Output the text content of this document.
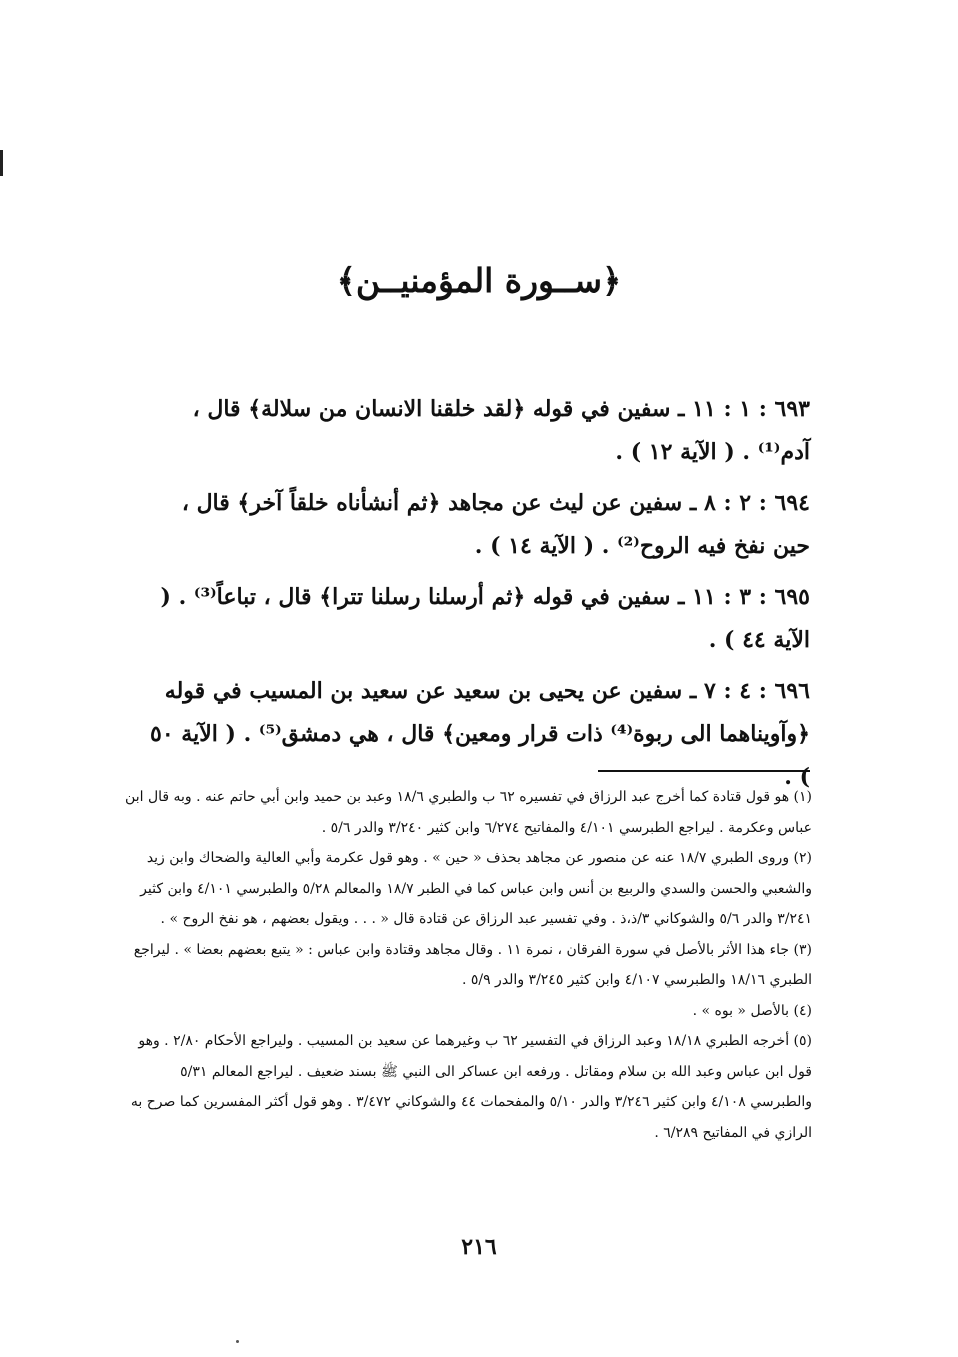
﴿ســورة المؤمنيــن﴾

٦٩٣ : ١ : ١١ ـ سفين في قوله ﴿لقد خلقنا الانسان من سلالة﴾ قال ، آدم⁽¹⁾ . ( الآية ١٢ ) .

٦٩٤ : ٢ : ٨ ـ سفين عن ليث عن مجاهد ﴿ثم أنشأناه خلقاً آخر﴾ قال ، حين نفخ فيه الروح⁽²⁾ . ( الآية ١٤ ) .

٦٩٥ : ٣ : ١١ ـ سفين في قوله ﴿ثم أرسلنا رسلنا تترا﴾ قال ، تباعاً⁽³⁾ . ( الآية ٤٤ ) .

٦٩٦ : ٤ : ٧ ـ سفين عن يحيى بن سعيد عن سعيد بن المسيب في قوله ﴿وآويناهما الى ربوة⁽⁴⁾ ذات قرار ومعين﴾ قال ، هي دمشق⁽⁵⁾ . ( الآية ٥٠ ) .

(١) هو قول قتادة كما أخرج عبد الرزاق في تفسيره ٦٢ ب والطبري ١٨/٦ وعبد بن حميد وابن أبي حاتم عنه . وبه قال ابن عباس وعكرمة . ليراجع الطبرسي ٤/١٠١ والمفاتيح ٦/٢٧٤ وابن كثير ٣/٢٤٠ والدر ٥/٦ .

(٢) وروى الطبري ١٨/٧ عنه عن منصور عن مجاهد بحذف « حين » . وهو قول عكرمة وأبي العالية والضحاك وابن زيد والشعبي والحسن والسدي والربيع بن أنس وابن عباس كما في الطبر ١٨/٧ والمعالم ٥/٢٨ والطبرسي ٤/١٠١ وابن كثير ٣/٢٤١ والدر ٥/٦ والشوكاني ٣/ذ،ذ . وفي تفسير عبد الرزاق عن قتادة قال « . . . ويقول بعضهم ، هو نفخ الروح » .

(٣) جاء هذا الأثر بالأصل في سورة الفرقان ، نمرة ١١ . وقال مجاهد وقتادة وابن عباس : « يتبع بعضهم بعضا » . ليراجع الطبري ١٨/١٦ والطبرسي ٤/١٠٧ وابن كثير ٣/٢٤٥ والدر ٥/٩ .

(٤) بالأصل « بوه » .

(٥) أخرجه الطبري ١٨/١٨ وعبد الرزاق في التفسير ٦٢ ب وغيرهما عن سعيد بن المسيب . وليراجع الأحكام ٢/٨٠ . وهو قول ابن عباس وعبد الله بن سلام ومقاتل . ورفعه ابن عساكر الى النبي ﷺ بسند ضعيف . ليراجع المعالم ٥/٣١ والطبرسي ٤/١٠٨ وابن كثير ٣/٢٤٦ والدر ٥/١٠ والمفحمات ٤٤ والشوكاني ٣/٤٧٢ . وهو قول أكثر المفسرين كما صرح به الرازي في المفاتيح ٦/٢٨٩ .

٢١٦
